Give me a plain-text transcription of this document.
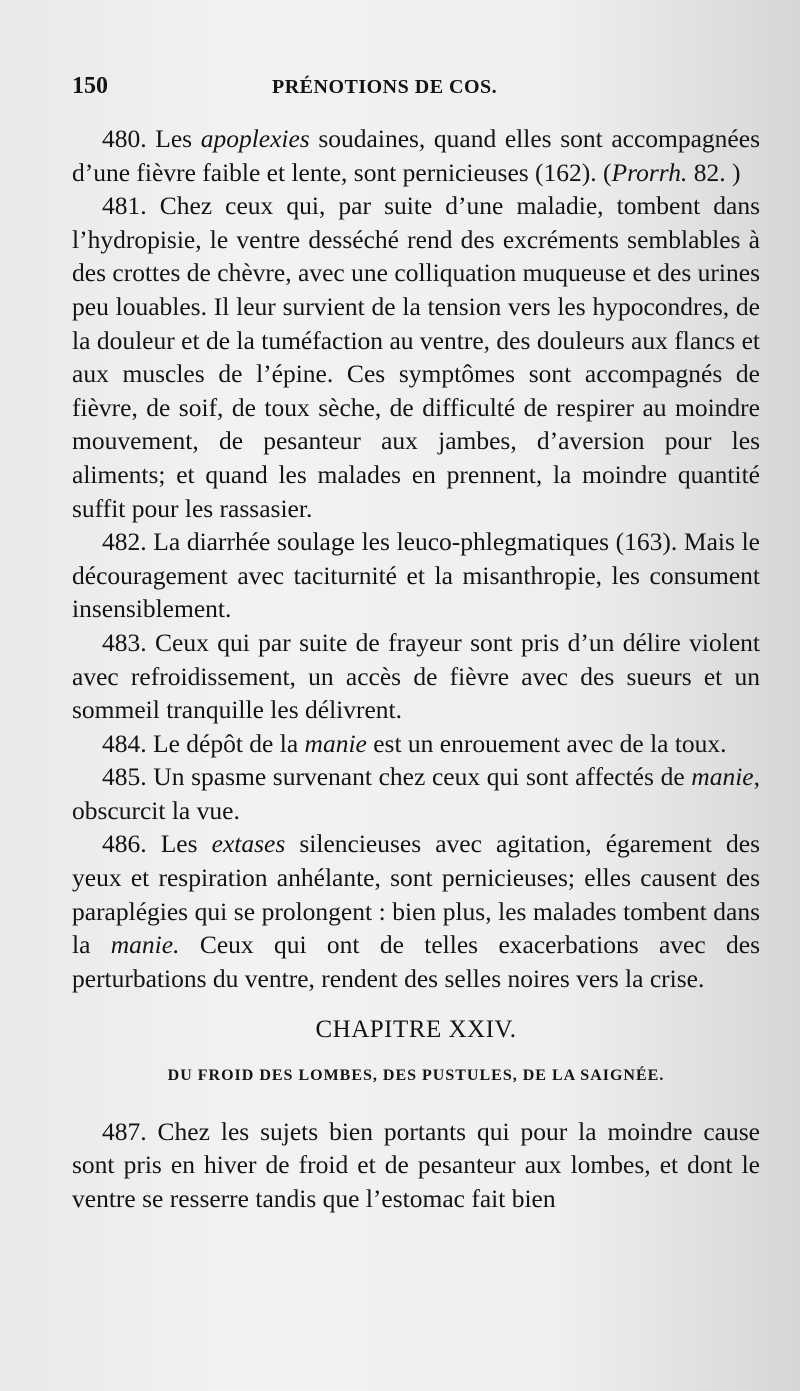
150	PRÉNOTIONS DE COS.

480. Les apoplexies soudaines, quand elles sont accompagnées d’une fièvre faible et lente, sont pernicieuses (162). (Prorrh. 82. )

481. Chez ceux qui, par suite d’une maladie, tombent dans l’hydropisie, le ventre desséché rend des excréments semblables à des crottes de chèvre, avec une colliquation muqueuse et des urines peu louables. Il leur survient de la tension vers les hypocondres, de la douleur et de la tuméfaction au ventre, des douleurs aux flancs et aux muscles de l’épine. Ces symptômes sont accompagnés de fièvre, de soif, de toux sèche, de difficulté de respirer au moindre mouvement, de pesanteur aux jambes, d’aversion pour les aliments; et quand les malades en prennent, la moindre quantité suffit pour les rassasier.

482. La diarrhée soulage les leuco-phlegmatiques (163). Mais le découragement avec taciturnité et la misanthropie, les consument insensiblement.

483. Ceux qui par suite de frayeur sont pris d’un délire violent avec refroidissement, un accès de fièvre avec des sueurs et un sommeil tranquille les délivrent.

484. Le dépôt de la manie est un enrouement avec de la toux.

485. Un spasme survenant chez ceux qui sont affectés de manie, obscurcit la vue.

486. Les extases silencieuses avec agitation, égarement des yeux et respiration anhélante, sont pernicieuses; elles causent des paraplégies qui se prolongent : bien plus, les malades tombent dans la manie. Ceux qui ont de telles exacerbations avec des perturbations du ventre, rendent des selles noires vers la crise.

CHAPITRE XXIV.
DU FROID DES LOMBES, DES PUSTULES, DE LA SAIGNÉE.

487. Chez les sujets bien portants qui pour la moindre cause sont pris en hiver de froid et de pesanteur aux lombes, et dont le ventre se resserre tandis que l’estomac fait bien
